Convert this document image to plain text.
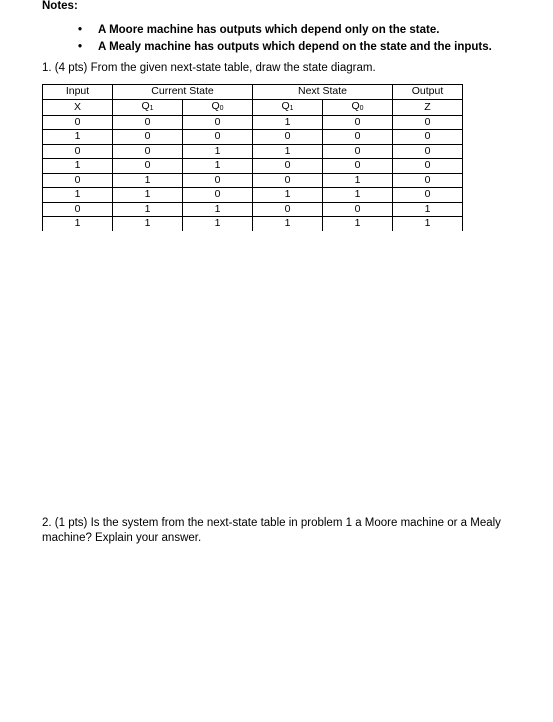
Notes:

• A Moore machine has outputs which depend only on the state.
• A Mealy machine has outputs which depend on the state and the inputs.

1. (4 pts) From the given next-state table, draw the state diagram.

Input	Current State		Next State		Output
X	$Q_1$	$Q_0$	$Q_1$	$Q_0$	Z
0	0	0	1	0	0
1	0	0	0	0	0
0	0	1	1	0	0
1	0	1	0	0	0
0	1	0	0	1	0
1	1	0	1	1	0
0	1	1	0	0	1
1	1	1	1	1	1

2. (1 pts) Is the system from the next-state table in problem 1 a Moore machine or a Mealy machine? Explain your answer.
